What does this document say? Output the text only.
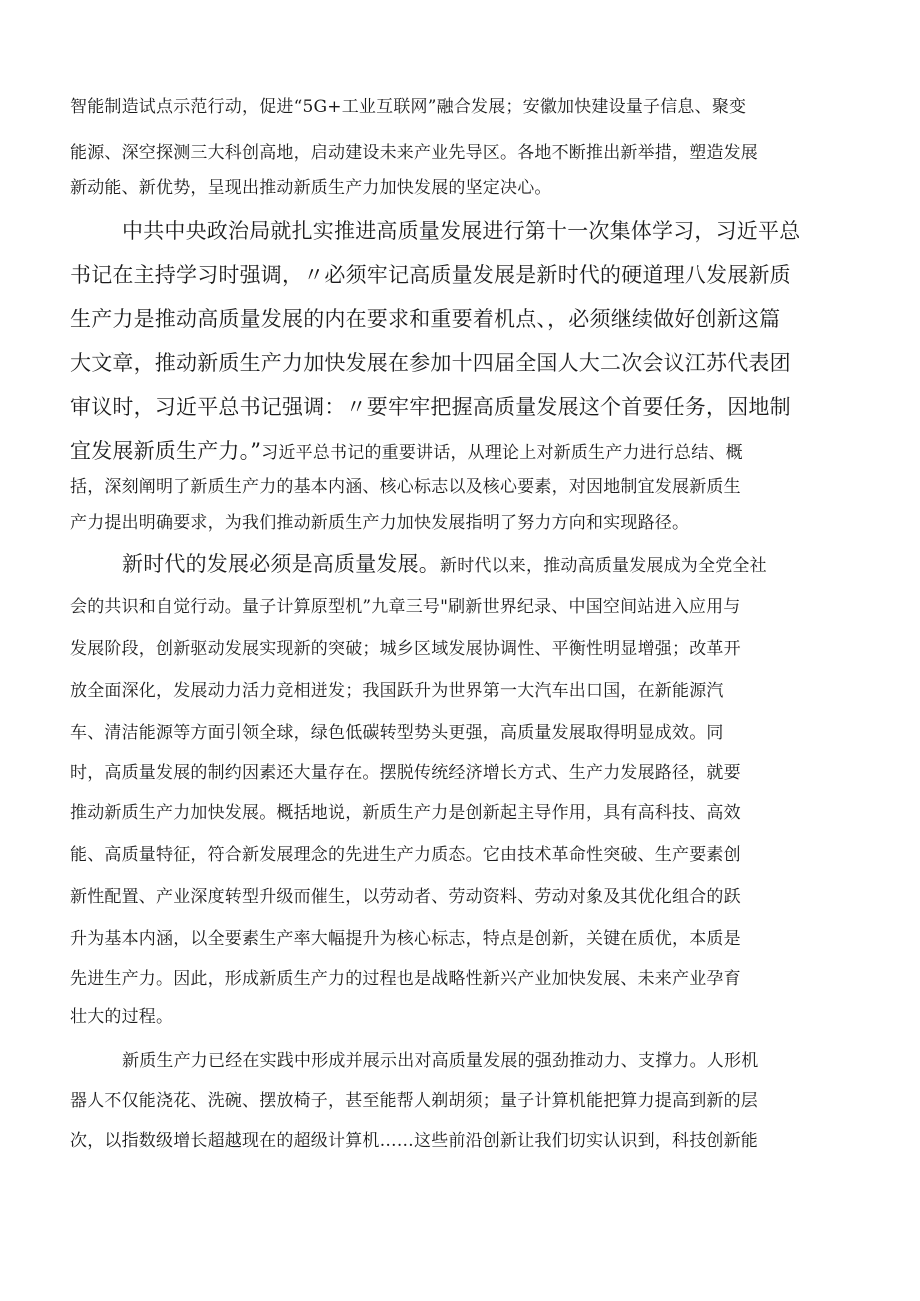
智能制造试点示范行动，促进“5G+工业互联网”融合发展；安徽加快建设量子信息、聚变
能源、深空探测三大科创高地，启动建设未来产业先导区。各地不断推出新举措，塑造发展
新动能、新优势，呈现出推动新质生产力加快发展的坚定决心。
中共中央政治局就扎实推进高质量发展进行第十一次集体学习，习近平总
书记在主持学习时强调，〃必须牢记高质量发展是新时代的硬道理八发展新质
生产力是推动高质量发展的内在要求和重要着机点、，必须继续做好创新这篇
大文章，推动新质生产力加快发展在参加十四届全国人大二次会议江苏代表团
审议时，习近平总书记强调：〃要牢牢把握高质量发展这个首要任务，因地制
宜发展新质生产力。”习近平总书记的重要讲话，从理论上对新质生产力进行总结、概
括，深刻阐明了新质生产力的基本内涵、核心标志以及核心要素，对因地制宜发展新质生
产力提出明确要求，为我们推动新质生产力加快发展指明了努力方向和实现路径。
新时代的发展必须是高质量发展。新时代以来，推动高质量发展成为全党全社
会的共识和自觉行动。量子计算原型机”九章三号"刷新世界纪录、中国空间站进入应用与
发展阶段，创新驱动发展实现新的突破；城乡区域发展协调性、平衡性明显增强；改革开
放全面深化，发展动力活力竞相迸发；我国跃升为世界第一大汽车出口国，在新能源汽
车、清洁能源等方面引领全球，绿色低碳转型势头更强，高质量发展取得明显成效。同
时，高质量发展的制约因素还大量存在。摆脱传统经济增长方式、生产力发展路径，就要
推动新质生产力加快发展。概括地说，新质生产力是创新起主导作用，具有高科技、高效
能、高质量特征，符合新发展理念的先进生产力质态。它由技术革命性突破、生产要素创
新性配置、产业深度转型升级而催生，以劳动者、劳动资料、劳动对象及其优化组合的跃
升为基本内涵，以全要素生产率大幅提升为核心标志，特点是创新，关键在质优，本质是
先进生产力。因此，形成新质生产力的过程也是战略性新兴产业加快发展、未来产业孕育
壮大的过程。
新质生产力已经在实践中形成并展示出对高质量发展的强劲推动力、支撑力。人形机
器人不仅能浇花、洗碗、摆放椅子，甚至能帮人剃胡须；量子计算机能把算力提高到新的层
次，以指数级增长超越现在的超级计算机……这些前沿创新让我们切实认识到，科技创新能
